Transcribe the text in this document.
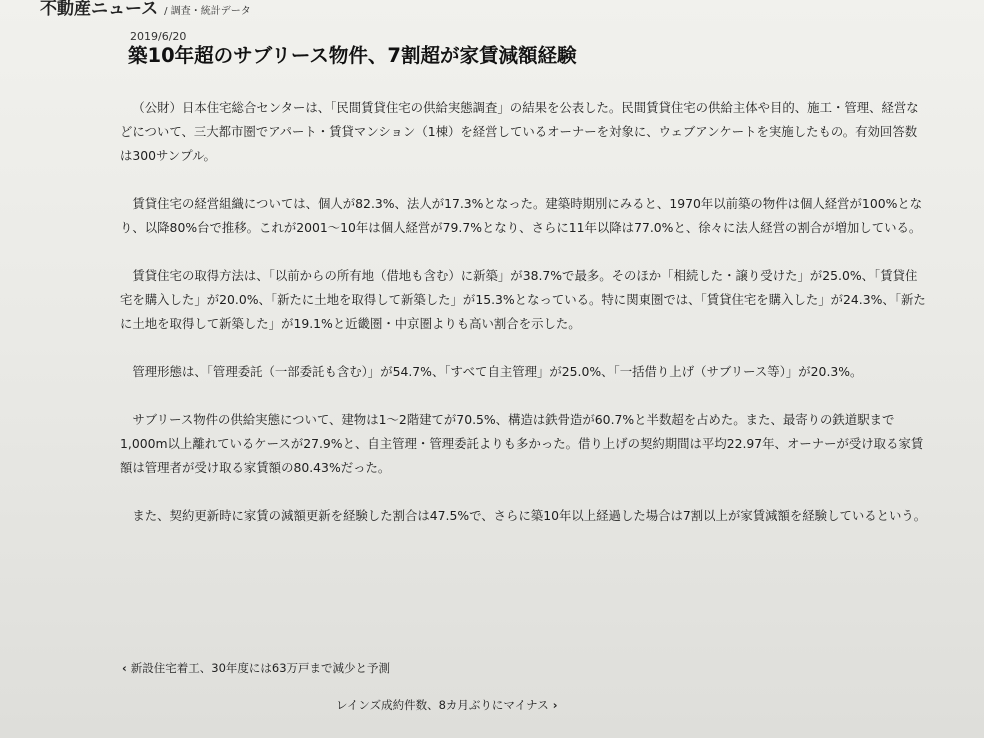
不動産ニュース / 調査・統計データ
2019/6/20
築10年超のサブリース物件、7割超が家賃減額経験

（公財）日本住宅総合センターは、「民間賃貸住宅の供給実態調査」の結果を公表した。民間賃貸住宅の供給主体や目的、施工・管理、経営などについて、三大都市圏でアパート・賃貸マンション（1棟）を経営しているオーナーを対象に、ウェブアンケートを実施したもの。有効回答数は300サンプル。

賃貸住宅の経営組織については、個人が82.3%、法人が17.3%となった。建築時期別にみると、1970年以前築の物件は個人経営が100%となり、以降80%台で推移。これが2001〜10年は個人経営が79.7%となり、さらに11年以降は77.0%と、徐々に法人経営の割合が増加している。

賃貸住宅の取得方法は、「以前からの所有地（借地も含む）に新築」が38.7%で最多。そのほか「相続した・譲り受けた」が25.0%、「賃貸住宅を購入した」が20.0%、「新たに土地を取得して新築した」が15.3%となっている。特に関東圏では、「賃貸住宅を購入した」が24.3%、「新たに土地を取得して新築した」が19.1%と近畿圏・中京圏よりも高い割合を示した。

管理形態は、「管理委託（一部委託も含む）」が54.7%、「すべて自主管理」が25.0%、「一括借り上げ（サブリース等）」が20.3%。

サブリース物件の供給実態について、建物は1〜2階建てが70.5%、構造は鉄骨造が60.7%と半数超を占めた。また、最寄りの鉄道駅まで1,000m以上離れているケースが27.9%と、自主管理・管理委託よりも多かった。借り上げの契約期間は平均22.97年、オーナーが受け取る家賃額は管理者が受け取る家賃額の80.43%だった。

また、契約更新時に家賃の減額更新を経験した割合は47.5%で、さらに築10年以上経過した場合は7割以上が家賃減額を経験しているという。

‹ 新設住宅着工、30年度には63万戸まで減少と予測
レインズ成約件数、8カ月ぶりにマイナス ›
